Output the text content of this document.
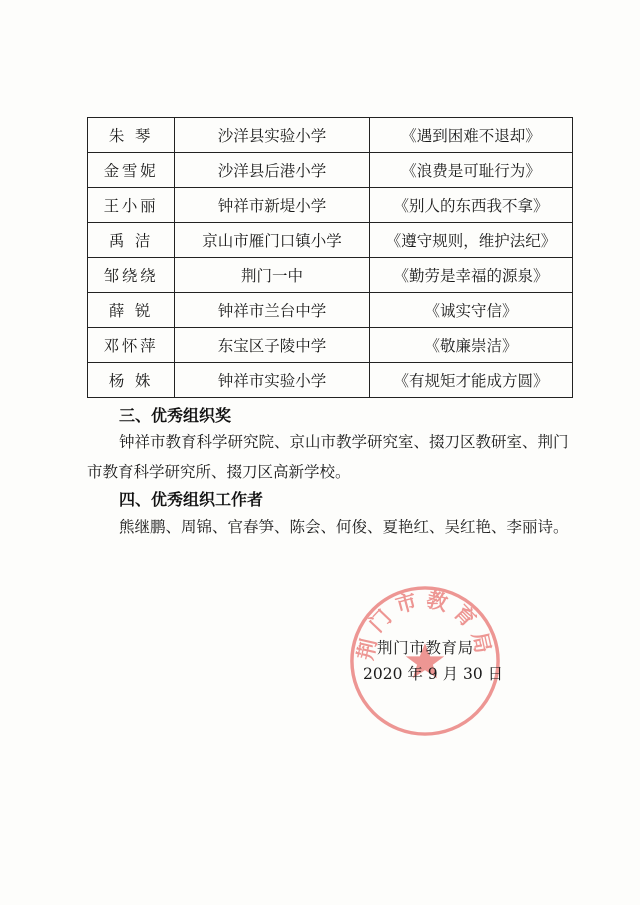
朱 琴	沙洋县实验小学	《遇到困难不退却》
金雪妮	沙洋县后港小学	《浪费是可耻行为》
王小丽	钟祥市新堤小学	《别人的东西我不拿》
禹 洁	京山市雁门口镇小学	《遵守规则，维护法纪》
邹绕绕	荆门一中	《勤劳是幸福的源泉》
薛 锐	钟祥市兰台中学	《诚实守信》
邓怀萍	东宝区子陵中学	《敬廉崇洁》
杨 姝	钟祥市实验小学	《有规矩才能成方圆》
三、优秀组织奖
钟祥市教育科学研究院、京山市教学研究室、掇刀区教研室、荆门市教育科学研究所、掇刀区高新学校。
四、优秀组织工作者
熊继鹏、周锦、官春笋、陈会、何俊、夏艳红、吴红艳、李丽诗。
荆门市教育局
荆门市教育局
2020 年 9 月 30 日
